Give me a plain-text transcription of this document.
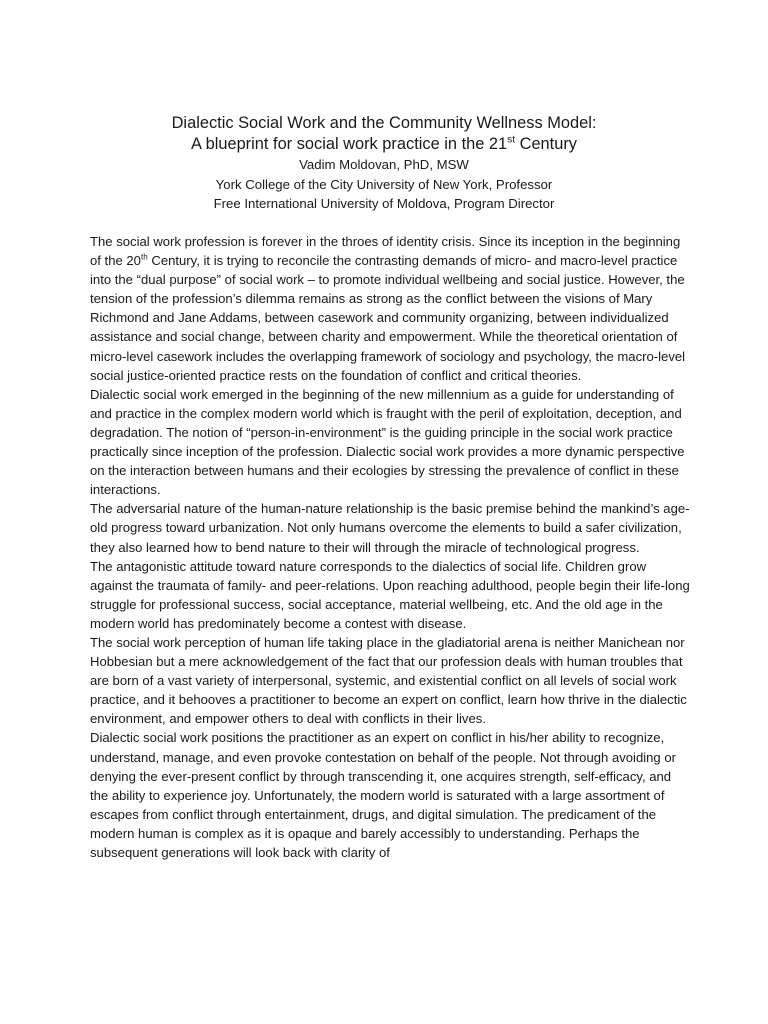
Dialectic Social Work and the Community Wellness Model:
A blueprint for social work practice in the 21st Century
Vadim Moldovan, PhD, MSW
York College of the City University of New York, Professor
Free International University of Moldova, Program Director

The social work profession is forever in the throes of identity crisis. Since its inception in the beginning of the 20th Century, it is trying to reconcile the contrasting demands of micro- and macro-level practice into the “dual purpose” of social work – to promote individual wellbeing and social justice. However, the tension of the profession’s dilemma remains as strong as the conflict between the visions of Mary Richmond and Jane Addams, between casework and community organizing, between individualized assistance and social change, between charity and empowerment. While the theoretical orientation of micro-level casework includes the overlapping framework of sociology and psychology, the macro-level social justice-oriented practice rests on the foundation of conflict and critical theories.

Dialectic social work emerged in the beginning of the new millennium as a guide for understanding of and practice in the complex modern world which is fraught with the peril of exploitation, deception, and degradation. The notion of “person-in-environment” is the guiding principle in the social work practice practically since inception of the profession. Dialectic social work provides a more dynamic perspective on the interaction between humans and their ecologies by stressing the prevalence of conflict in these interactions.

The adversarial nature of the human-nature relationship is the basic premise behind the mankind’s age-old progress toward urbanization. Not only humans overcome the elements to build a safer civilization, they also learned how to bend nature to their will through the miracle of technological progress.

The antagonistic attitude toward nature corresponds to the dialectics of social life. Children grow against the traumata of family- and peer-relations. Upon reaching adulthood, people begin their life-long struggle for professional success, social acceptance, material wellbeing, etc. And the old age in the modern world has predominately become a contest with disease.

The social work perception of human life taking place in the gladiatorial arena is neither Manichean nor Hobbesian but a mere acknowledgement of the fact that our profession deals with human troubles that are born of a vast variety of interpersonal, systemic, and existential conflict on all levels of social work practice, and it behooves a practitioner to become an expert on conflict, learn how thrive in the dialectic environment, and empower others to deal with conflicts in their lives.

Dialectic social work positions the practitioner as an expert on conflict in his/her ability to recognize, understand, manage, and even provoke contestation on behalf of the people. Not through avoiding or denying the ever-present conflict by through transcending it, one acquires strength, self-efficacy, and the ability to experience joy. Unfortunately, the modern world is saturated with a large assortment of escapes from conflict through entertainment, drugs, and digital simulation. The predicament of the modern human is complex as it is opaque and barely accessibly to understanding. Perhaps the subsequent generations will look back with clarity of
